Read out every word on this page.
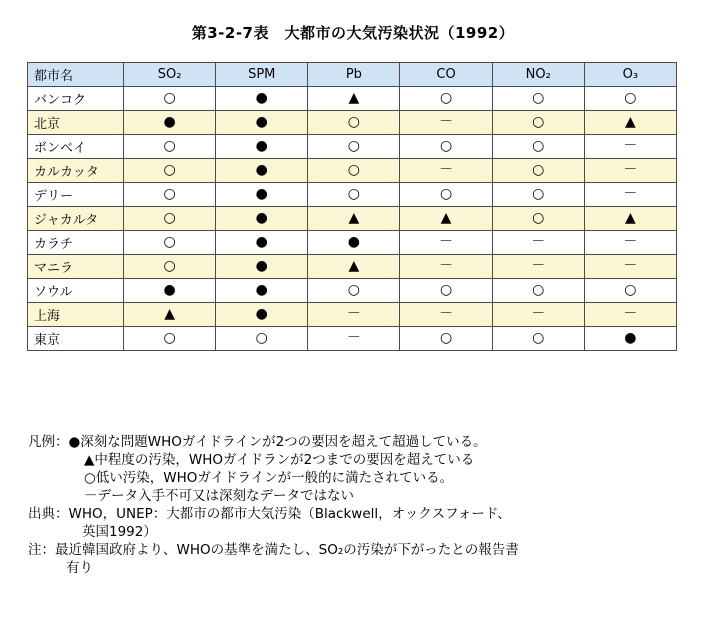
第3-2-7表　大都市の大気汚染状況（1992）
都市名	SO₂	SPM	Pb	CO	NO₂	O₃
バンコク	○	●	▲	○	○	○
北京	●	●	○	－	○	▲
ボンベイ	○	●	○	○	○	－
カルカッタ	○	●	○	－	○	－
デリー	○	●	○	○	○	－
ジャカルタ	○	●	▲	▲	○	▲
カラチ	○	●	●	－	－	－
マニラ	○	●	▲	－	－	－
ソウル	●	●	○	○	○	○
上海	▲	●	－	－	－	－
東京	○	○	－	○	○	●
凡例：●深刻な問題WHOガイドラインが2つの要因を超えて超過している。
▲中程度の汚染，WHOガイドランが2つまでの要因を超えている
○低い汚染，WHOガイドラインが一般的に満たされている。
－データ入手不可又は深刻なデータではない
出典：WHO，UNEP：大都市の都市大気汚染（Blackwell，オックスフォード、
英国1992）
注：最近韓国政府より、WHOの基準を満たし、SO₂の汚染が下がったとの報告書
有り
